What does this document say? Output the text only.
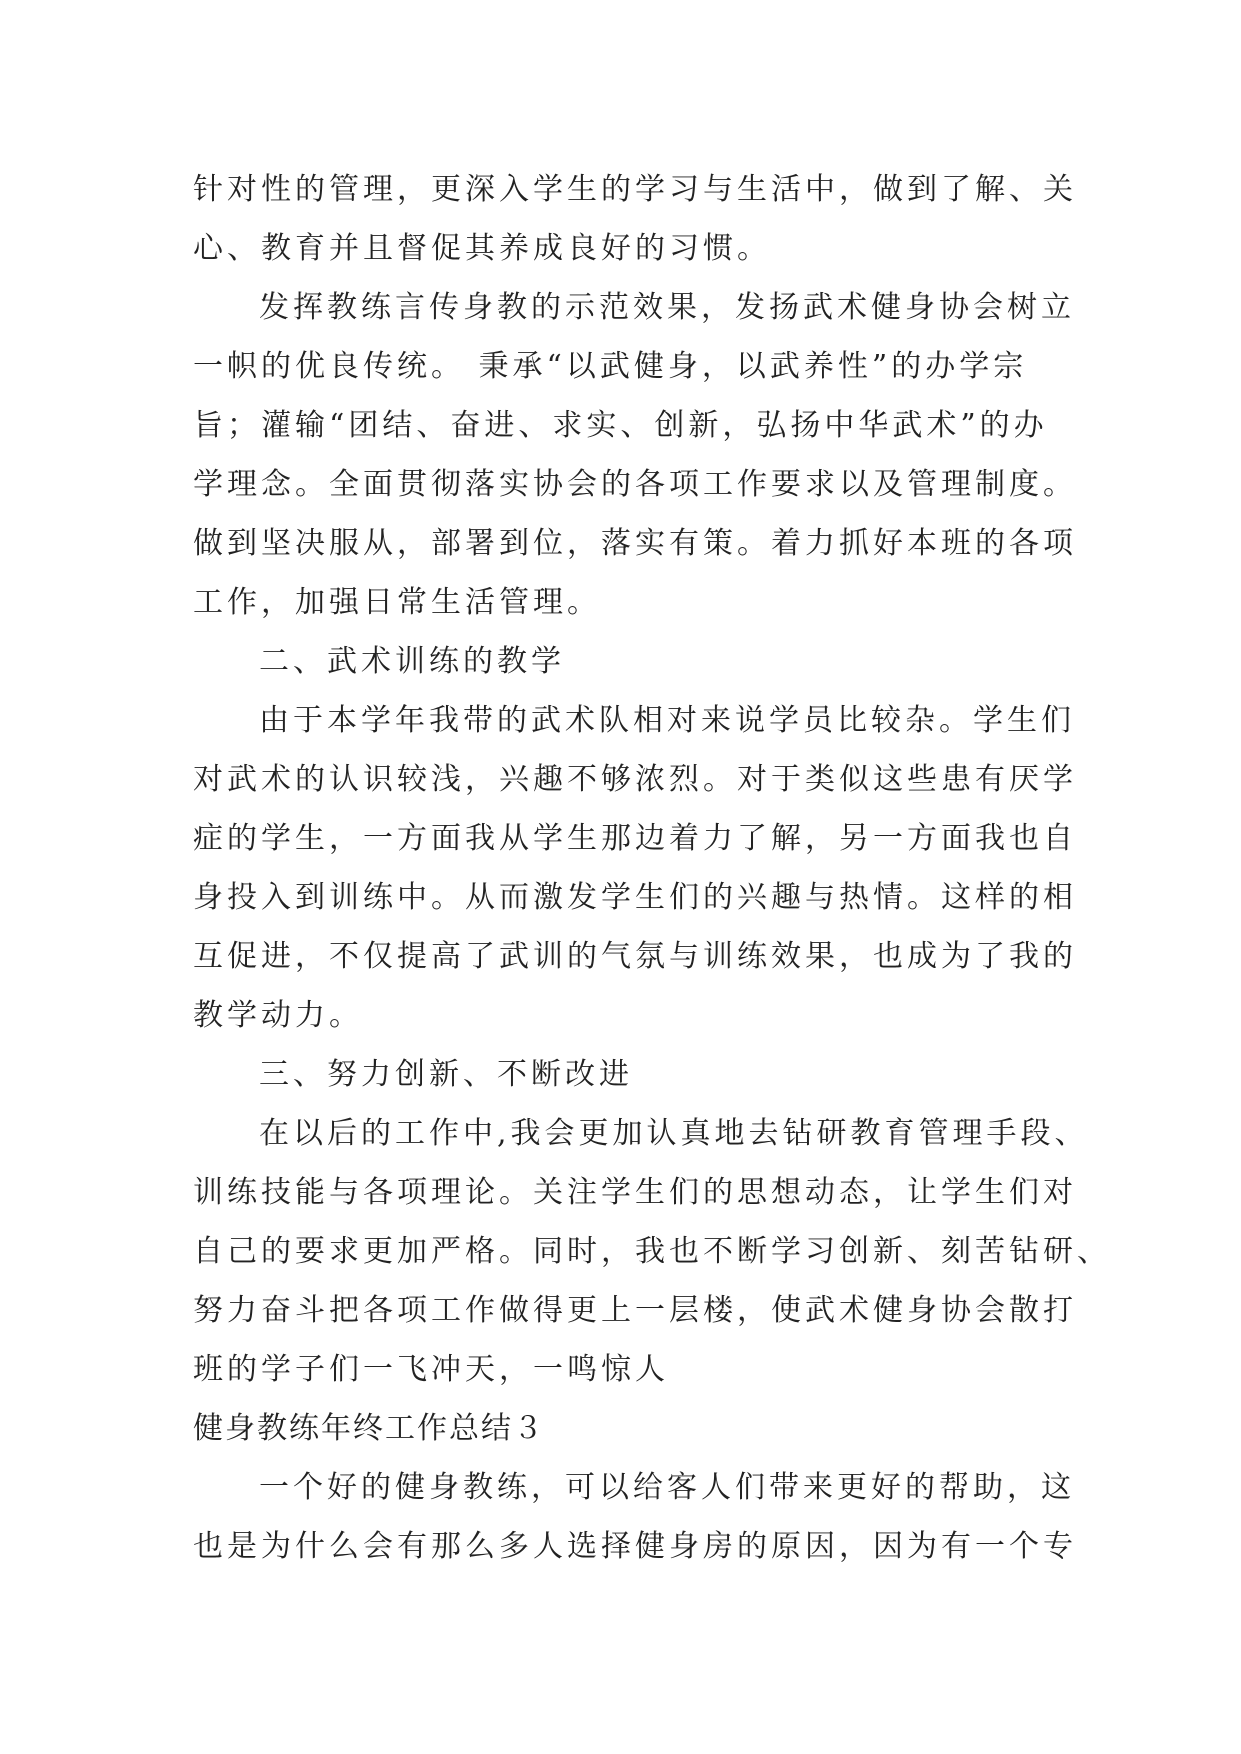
针对性的管理，更深入学生的学习与生活中，做到了解、关
心、教育并且督促其养成良好的习惯。
发挥教练言传身教的示范效果，发扬武术健身协会树立
一帜的优良传统。 秉承“以武健身，以武养性”的办学宗
旨；灌输“团结、奋进、求实、创新，弘扬中华武术”的办
学理念。全面贯彻落实协会的各项工作要求以及管理制度。
做到坚决服从，部署到位，落实有策。着力抓好本班的各项
工作，加强日常生活管理。
二、武术训练的教学
由于本学年我带的武术队相对来说学员比较杂。学生们
对武术的认识较浅，兴趣不够浓烈。对于类似这些患有厌学
症的学生，一方面我从学生那边着力了解，另一方面我也自
身投入到训练中。从而激发学生们的兴趣与热情。这样的相
互促进，不仅提高了武训的气氛与训练效果，也成为了我的
教学动力。
三、努力创新、不断改进
在以后的工作中,我会更加认真地去钻研教育管理手段、
训练技能与各项理论。关注学生们的思想动态，让学生们对
自己的要求更加严格。同时，我也不断学习创新、刻苦钻研、
努力奋斗把各项工作做得更上一层楼，使武术健身协会散打
班的学子们一飞冲天，一鸣惊人
健身教练年终工作总结３
一个好的健身教练，可以给客人们带来更好的帮助，这
也是为什么会有那么多人选择健身房的原因，因为有一个专
